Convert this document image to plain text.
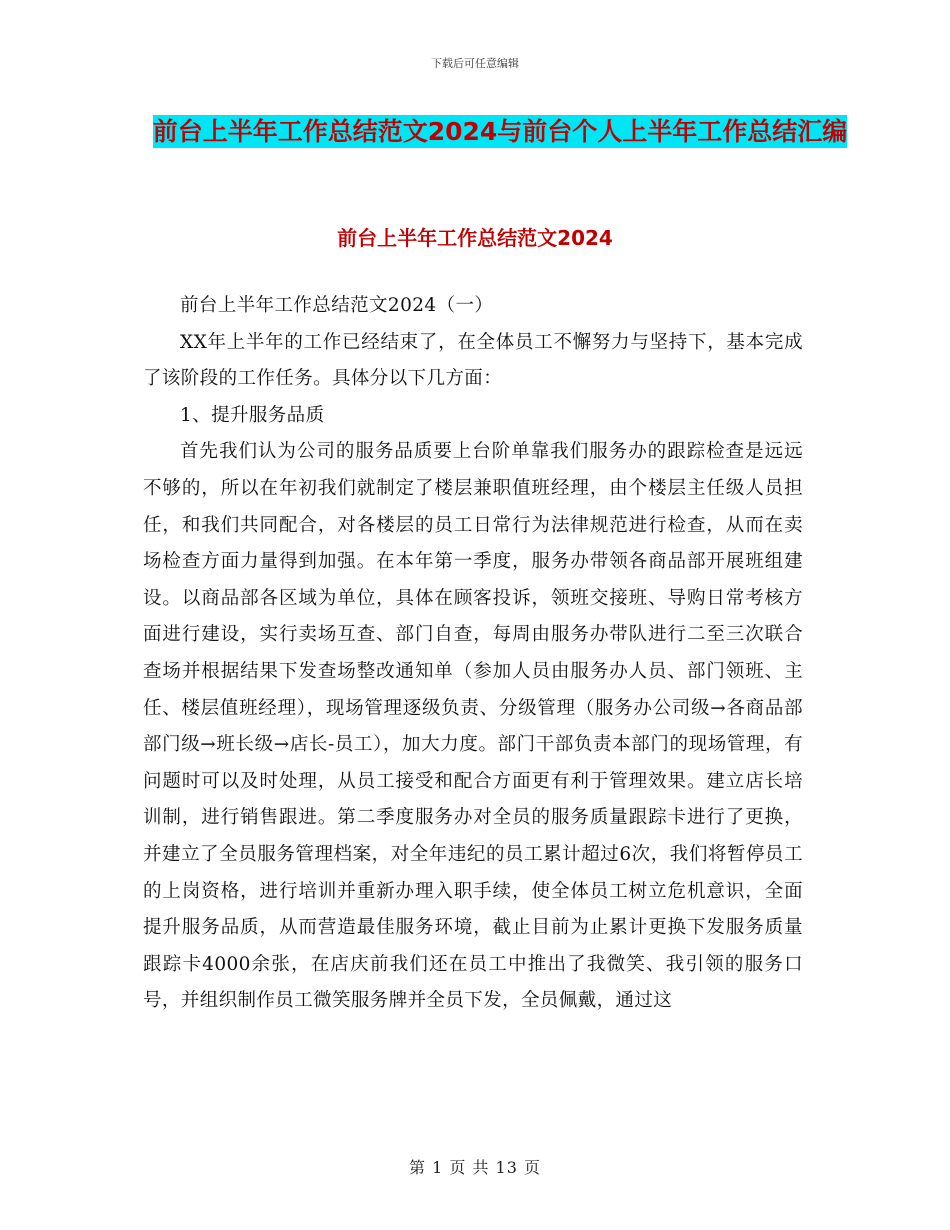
下载后可任意编辑
前台上半年工作总结范文2024与前台个人上半年工作总结汇编
前台上半年工作总结范文2024

前台上半年工作总结范文2024（一）

XX年上半年的工作已经结束了，在全体员工不懈努力与坚持下，基本完成了该阶段的工作任务。具体分以下几方面：

1、提升服务品质

首先我们认为公司的服务品质要上台阶单靠我们服务办的跟踪检查是远远不够的，所以在年初我们就制定了楼层兼职值班经理，由个楼层主任级人员担任，和我们共同配合，对各楼层的员工日常行为法律规范进行检查，从而在卖场检查方面力量得到加强。在本年第一季度，服务办带领各商品部开展班组建设。以商品部各区域为单位，具体在顾客投诉，领班交接班、导购日常考核方面进行建设，实行卖场互查、部门自查，每周由服务办带队进行二至三次联合查场并根据结果下发查场整改通知单（参加人员由服务办人员、部门领班、主任、楼层值班经理），现场管理逐级负责、分级管理（服务办公司级→各商品部部门级→班长级→店长-员工），加大力度。部门干部负责本部门的现场管理，有问题时可以及时处理，从员工接受和配合方面更有利于管理效果。建立店长培训制，进行销售跟进。第二季度服务办对全员的服务质量跟踪卡进行了更换，并建立了全员服务管理档案，对全年违纪的员工累计超过6次，我们将暂停员工的上岗资格，进行培训并重新办理入职手续，使全体员工树立危机意识，全面提升服务品质，从而营造最佳服务环境，截止目前为止累计更换下发服务质量跟踪卡4000余张，在店庆前我们还在员工中推出了我微笑、我引领的服务口号，并组织制作员工微笑服务牌并全员下发，全员佩戴，通过这

第 1 页 共 13 页
